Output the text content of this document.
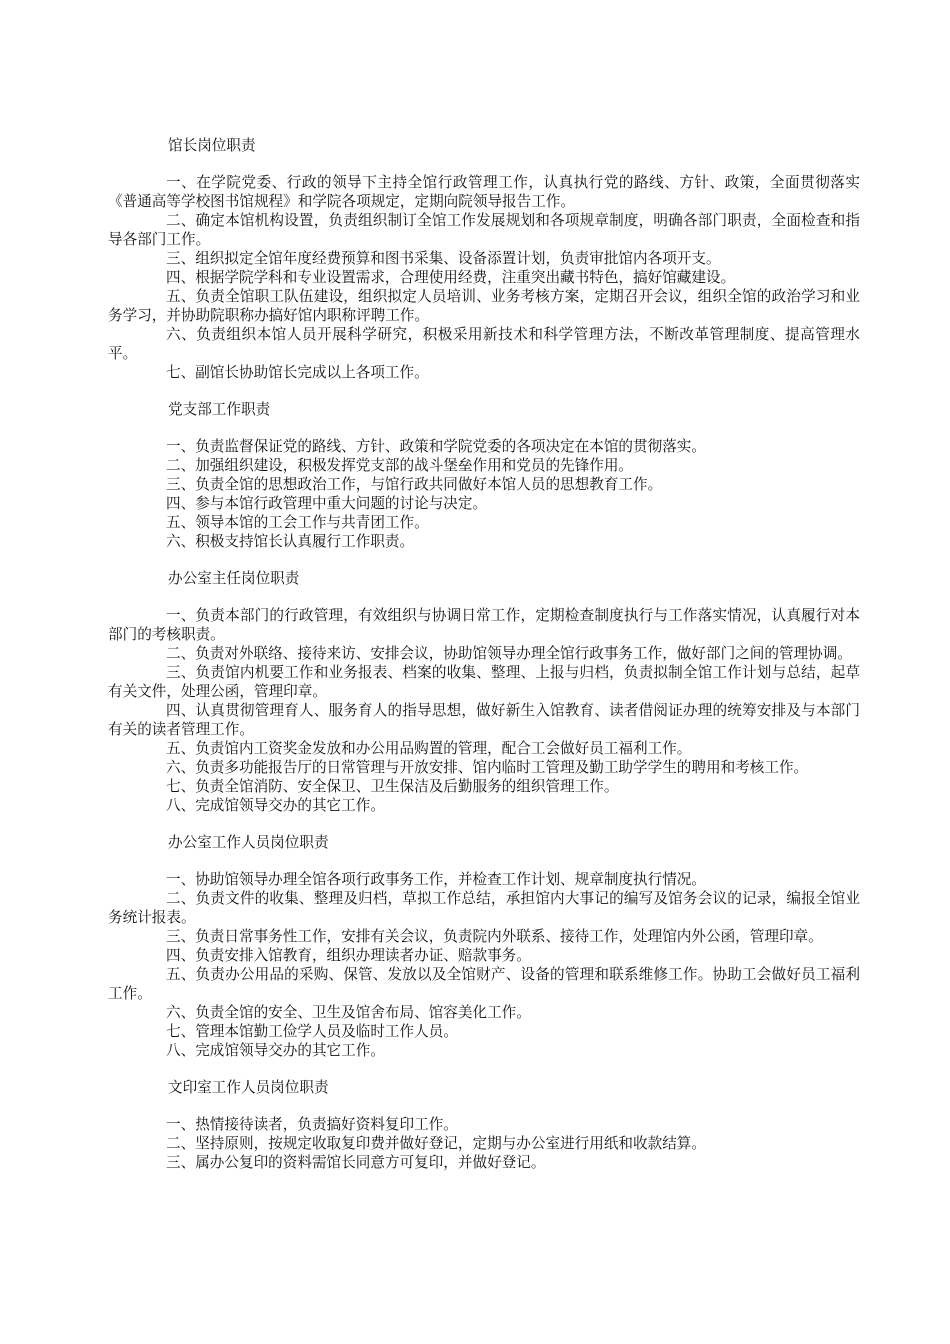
馆长岗位职责

一、在学院党委、行政的领导下主持全馆行政管理工作，认真执行党的路线、方针、政策，全面贯彻落实《普通高等学校图书馆规程》和学院各项规定，定期向院领导报告工作。

二、确定本馆机构设置，负责组织制订全馆工作发展规划和各项规章制度，明确各部门职责，全面检查和指导各部门工作。

三、组织拟定全馆年度经费预算和图书采集、设备添置计划，负责审批馆内各项开支。

四、根据学院学科和专业设置需求，合理使用经费，注重突出藏书特色，搞好馆藏建设。

五、负责全馆职工队伍建设，组织拟定人员培训、业务考核方案，定期召开会议，组织全馆的政治学习和业务学习，并协助院职称办搞好馆内职称评聘工作。

六、负责组织本馆人员开展科学研究，积极采用新技术和科学管理方法，不断改革管理制度、提高管理水平。

七、副馆长协助馆长完成以上各项工作。

党支部工作职责

一、负责监督保证党的路线、方针、政策和学院党委的各项决定在本馆的贯彻落实。

二、加强组织建设，积极发挥党支部的战斗堡垒作用和党员的先锋作用。

三、负责全馆的思想政治工作，与馆行政共同做好本馆人员的思想教育工作。

四、参与本馆行政管理中重大问题的讨论与决定。

五、领导本馆的工会工作与共青团工作。

六、积极支持馆长认真履行工作职责。

办公室主任岗位职责

一、负责本部门的行政管理，有效组织与协调日常工作，定期检查制度执行与工作落实情况，认真履行对本部门的考核职责。

二、负责对外联络、接待来访、安排会议，协助馆领导办理全馆行政事务工作，做好部门之间的管理协调。

三、负责馆内机要工作和业务报表、档案的收集、整理、上报与归档，负责拟制全馆工作计划与总结，起草有关文件，处理公函，管理印章。

四、认真贯彻管理育人、服务育人的指导思想，做好新生入馆教育、读者借阅证办理的统筹安排及与本部门有关的读者管理工作。

五、负责馆内工资奖金发放和办公用品购置的管理，配合工会做好员工福利工作。

六、负责多功能报告厅的日常管理与开放安排、馆内临时工管理及勤工助学学生的聘用和考核工作。

七、负责全馆消防、安全保卫、卫生保洁及后勤服务的组织管理工作。

八、完成馆领导交办的其它工作。

办公室工作人员岗位职责

一、协助馆领导办理全馆各项行政事务工作，并检查工作计划、规章制度执行情况。

二、负责文件的收集、整理及归档，草拟工作总结，承担馆内大事记的编写及馆务会议的记录，编报全馆业务统计报表。

三、负责日常事务性工作，安排有关会议，负责院内外联系、接待工作，处理馆内外公函，管理印章。

四、负责安排入馆教育，组织办理读者办证、赔款事务。

五、负责办公用品的采购、保管、发放以及全馆财产、设备的管理和联系维修工作。协助工会做好员工福利工作。

六、负责全馆的安全、卫生及馆舍布局、馆容美化工作。

七、管理本馆勤工俭学人员及临时工作人员。

八、完成馆领导交办的其它工作。

文印室工作人员岗位职责

一、热情接待读者，负责搞好资料复印工作。

二、坚持原则，按规定收取复印费并做好登记，定期与办公室进行用纸和收款结算。

三、属办公复印的资料需馆长同意方可复印，并做好登记。
